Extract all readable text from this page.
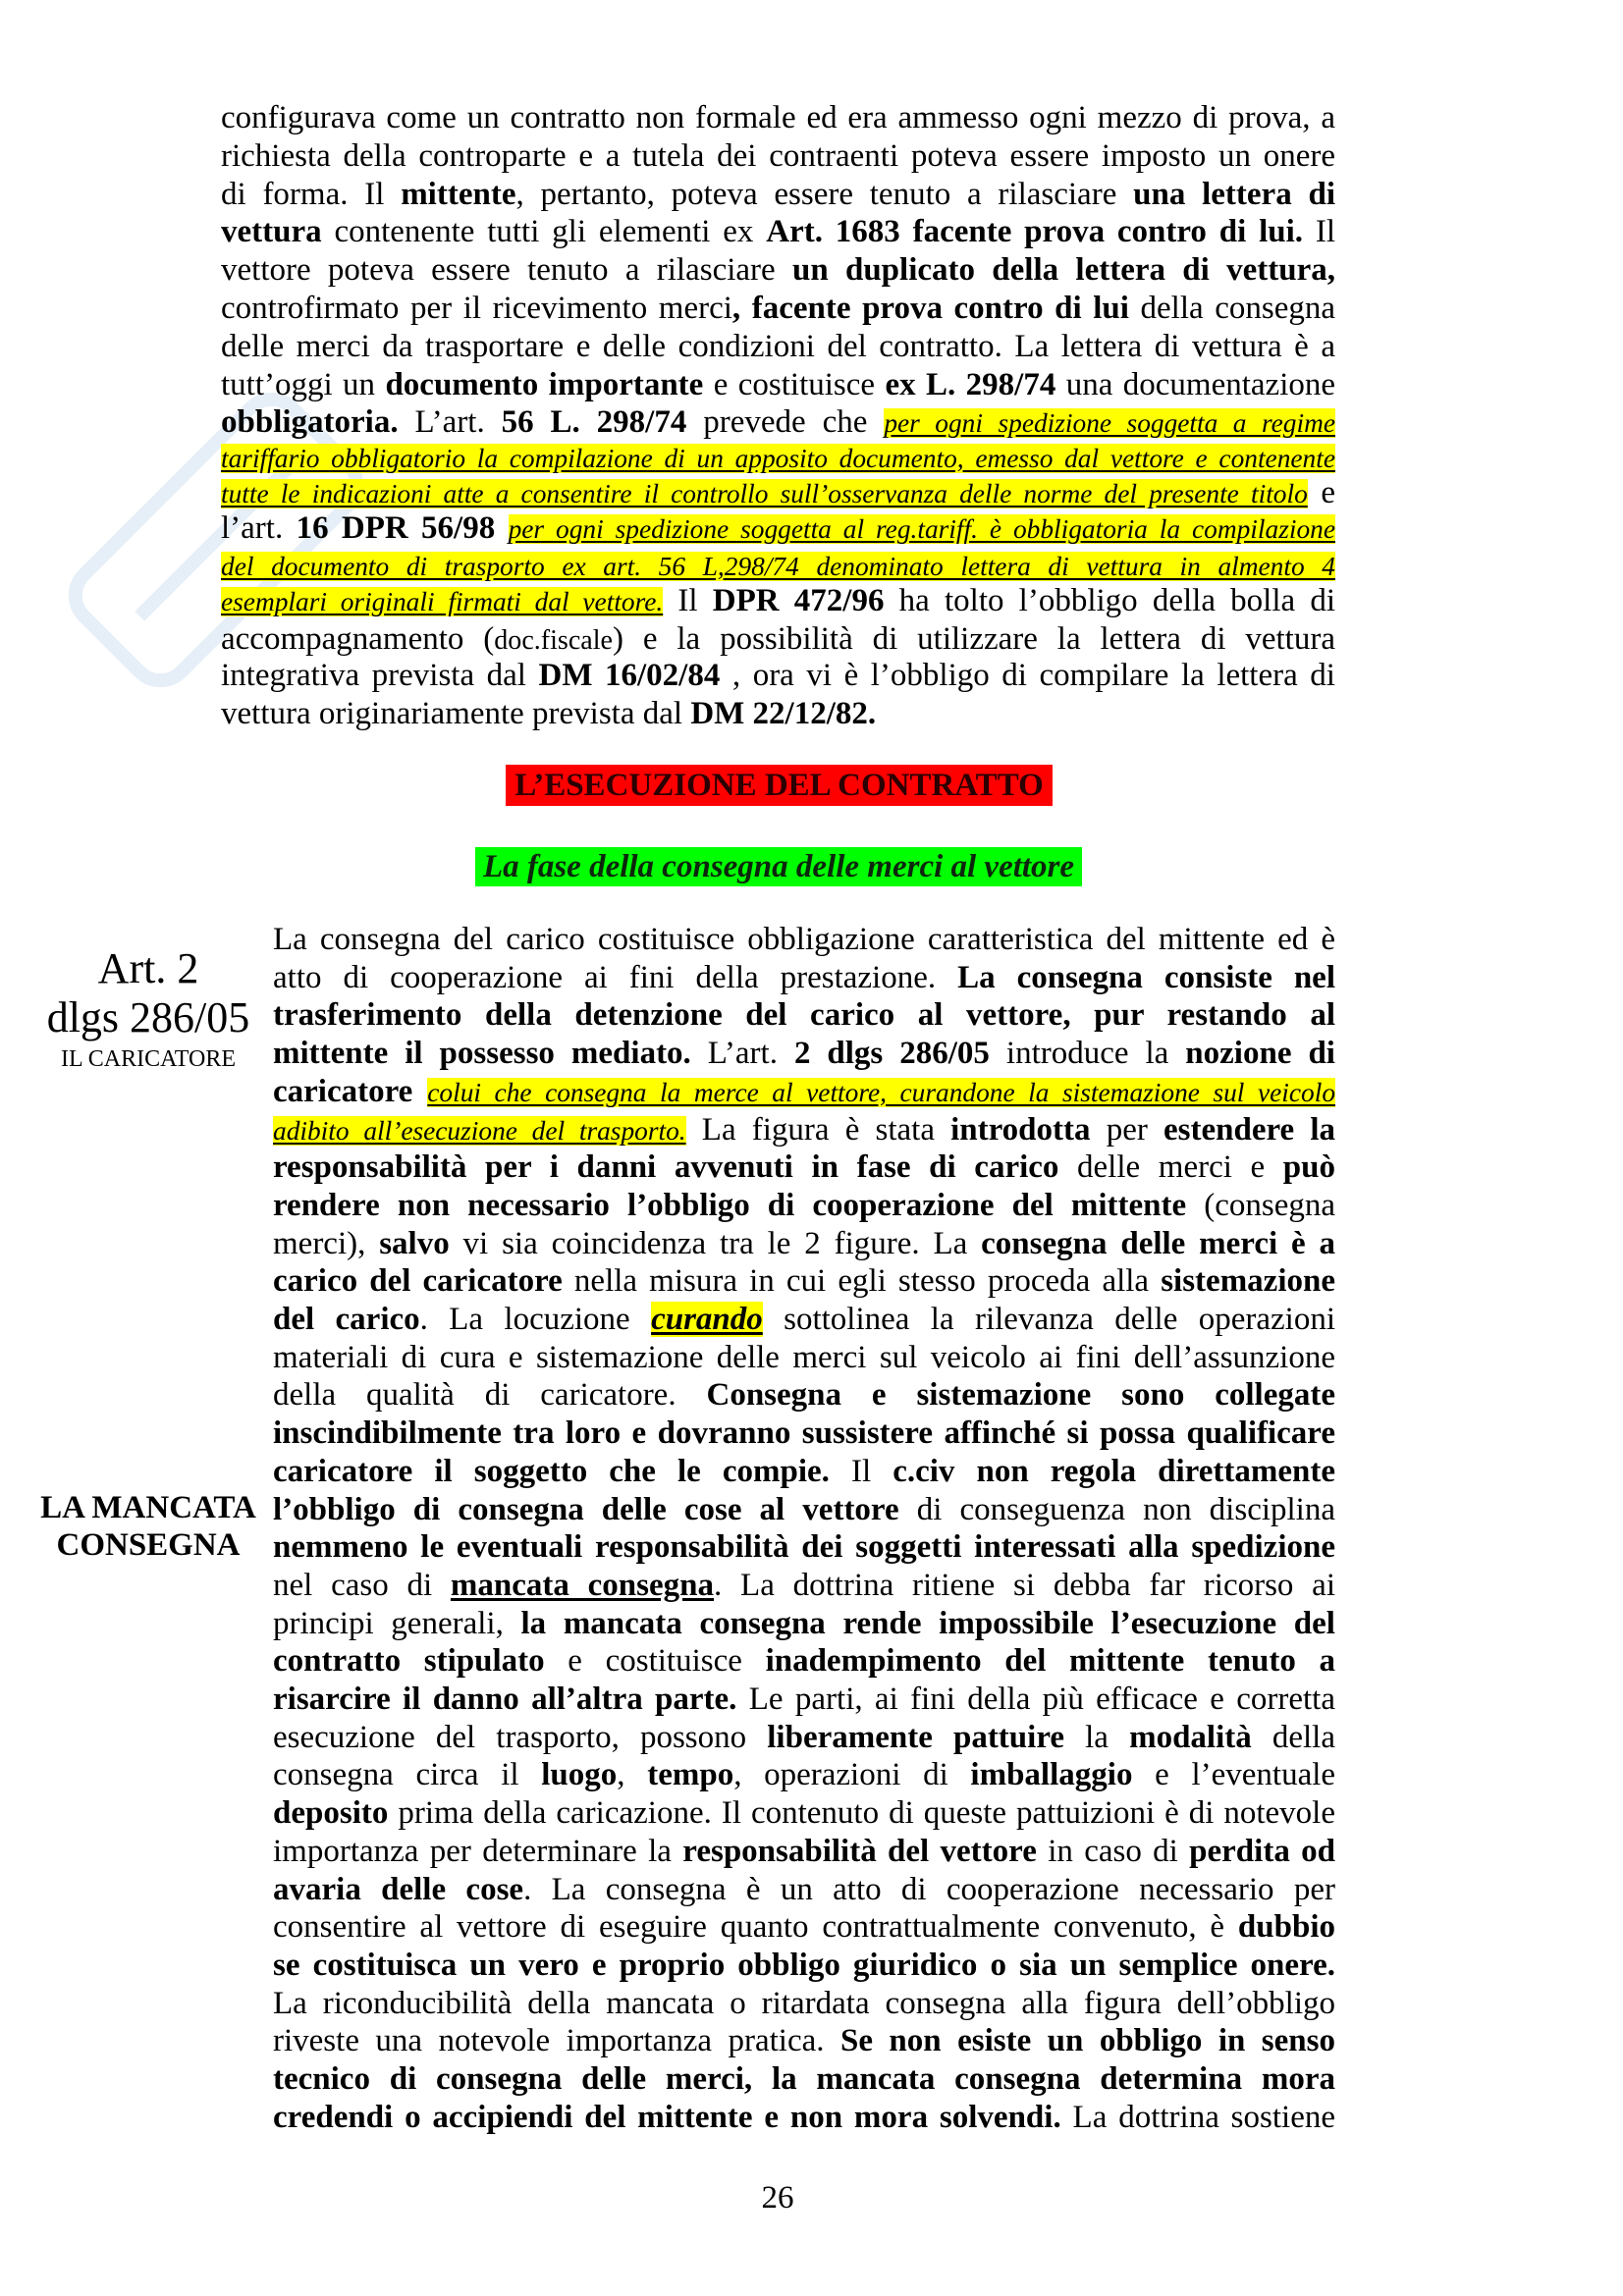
configurava come un contratto non formale ed era ammesso ogni mezzo di prova, a
richiesta della controparte e a tutela dei contraenti poteva essere imposto un onere
di forma. Il mittente, pertanto, poteva essere tenuto a rilasciare una lettera di
vettura contenente tutti gli elementi ex Art. 1683 facente prova contro di lui. Il
vettore poteva essere tenuto a rilasciare un duplicato della lettera di vettura,
controfirmato per il ricevimento merci, facente prova contro di lui della consegna
delle merci da trasportare e delle condizioni del contratto. La lettera di vettura è a
tutt’oggi un documento importante e costituisce ex L. 298/74 una documentazione
obbligatoria. L’art. 56 L. 298/74 prevede che per ogni spedizione soggetta a regime
tariffario obbligatorio la compilazione di un apposito documento, emesso dal vettore e contenente
tutte le indicazioni atte a consentire il controllo sull’osservanza delle norme del presente titolo e
l’art. 16 DPR 56/98 per ogni spedizione soggetta al reg.tariff. è obbligatoria la compilazione
del documento di trasporto ex art. 56 L,298/74 denominato lettera di vettura in almento 4
esemplari originali firmati dal vettore. Il DPR 472/96 ha tolto l’obbligo della bolla di
accompagnamento (doc.fiscale) e la possibilità di utilizzare la lettera di vettura
integrativa prevista dal DM 16/02/84 , ora vi è l’obbligo di compilare la lettera di
vettura originariamente prevista dal DM 22/12/82.
L’ESECUZIONE DEL CONTRATTO
La fase della consegna delle merci al vettore
Art. 2
dlgs 286/05
IL CARICATORE
LA MANCATA
CONSEGNA
La consegna del carico costituisce obbligazione caratteristica del mittente ed è
atto di cooperazione ai fini della prestazione. La consegna consiste nel
trasferimento della detenzione del carico al vettore, pur restando al
mittente il possesso mediato. L’art. 2 dlgs 286/05 introduce la nozione di
caricatore colui che consegna la merce al vettore, curandone la sistemazione sul veicolo
adibito all’esecuzione del trasporto. La figura è stata introdotta per estendere la
responsabilità per i danni avvenuti in fase di carico delle merci e può
rendere non necessario l’obbligo di cooperazione del mittente (consegna
merci), salvo vi sia coincidenza tra le 2 figure. La consegna delle merci è a
carico del caricatore nella misura in cui egli stesso proceda alla sistemazione
del carico. La locuzione curando sottolinea la rilevanza delle operazioni
materiali di cura e sistemazione delle merci sul veicolo ai fini dell’assunzione
della qualità di caricatore. Consegna e sistemazione sono collegate
inscindibilmente tra loro e dovranno sussistere affinché si possa qualificare
caricatore il soggetto che le compie. Il c.civ non regola direttamente
l’obbligo di consegna delle cose al vettore di conseguenza non disciplina
nemmeno le eventuali responsabilità dei soggetti interessati alla spedizione
nel caso di mancata consegna. La dottrina ritiene si debba far ricorso ai
principi generali, la mancata consegna rende impossibile l’esecuzione del
contratto stipulato e costituisce inadempimento del mittente tenuto a
risarcire il danno all’altra parte. Le parti, ai fini della più efficace e corretta
esecuzione del trasporto, possono liberamente pattuire la modalità della
consegna circa il luogo, tempo, operazioni di imballaggio e l’eventuale
deposito prima della caricazione. Il contenuto di queste pattuizioni è di notevole
importanza per determinare la responsabilità del vettore in caso di perdita od
avaria delle cose. La consegna è un atto di cooperazione necessario per
consentire al vettore di eseguire quanto contrattualmente convenuto, è dubbio
se costituisca un vero e proprio obbligo giuridico o sia un semplice onere.
La riconducibilità della mancata o ritardata consegna alla figura dell’obbligo
riveste una notevole importanza pratica. Se non esiste un obbligo in senso
tecnico di consegna delle merci, la mancata consegna determina mora
credendi o accipiendi del mittente e non mora solvendi. La dottrina sostiene
26
